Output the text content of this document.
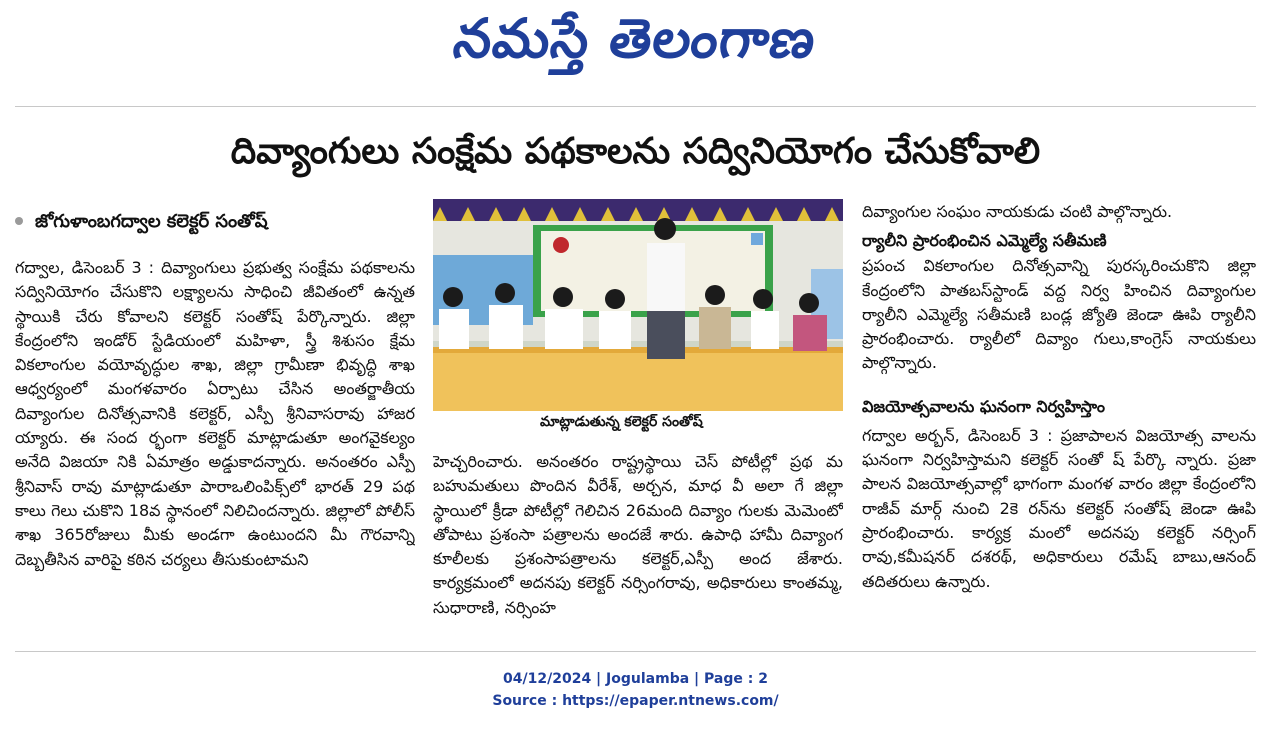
నమస్తే తెలంగాణ
దివ్యాంగులు సంక్షేమ పథకాలను సద్వినియోగం చేసుకోవాలి
జోగుళాంబగద్వాల కలెక్టర్ సంతోష్

గద్వాల, డిసెంబర్ 3 : దివ్యాంగులు ప్రభుత్వ సంక్షేమ పథకాలను సద్వినియోగం చేసుకొని లక్ష్యాలను సాధించి జీవితంలో ఉన్నత స్థాయికి చేరు కోవాలని కలెక్టర్ సంతోష్ పేర్కొన్నారు. జిల్లా కేంద్రంలోని ఇండోర్ స్టేడియంలో మహిళా, స్త్రీ శిశుసం క్షేమ వికలాంగుల వయోవృద్ధుల శాఖ, జిల్లా గ్రామీణా భివృద్ధి శాఖ ఆధ్వర్యంలో మంగళవారం ఏర్పాటు చేసిన అంతర్జాతీయ దివ్యాంగుల దినోత్సవానికి కలెక్టర్, ఎస్పీ శ్రీనివాసరావు హాజర య్యారు. ఈ సంద ర్భంగా కలెక్టర్ మాట్లాడుతూ అంగవైకల్యం అనేది విజయా నికి ఏమాత్రం అడ్డుకాదన్నారు. అనంతరం ఎస్పీ శ్రీనివాస్ రావు మాట్లాడుతూ పారాఒలింపిక్స్‌లో భారత్ 29 పథ కాలు గెలు చుకొని 18వ స్థానంలో నిలిచిందన్నారు. జిల్లాలో పోలీస్ శాఖ 365రోజులు మీకు అండగా ఉంటుందని మీ గౌరవాన్ని దెబ్బతీసిన వారిపై కఠిన చర్యలు తీసుకుంటామని

మాట్లాడుతున్న కలెక్టర్ సంతోష్

హెచ్చరించారు. అనంతరం రాష్ట్రస్థాయి చెస్ పోటీల్లో ప్రథ మ బహుమతులు పొందిన వీరేశ్, అర్చన, మాధ వీ అలా గే జిల్లా స్థాయిలో క్రీడా పోటీల్లో గెలిచిన 26మంది దివ్యాం గులకు మెమెంటో తోపాటు ప్రశంసా పత్రాలను అందజే శారు. ఉపాధి హామీ దివ్యాంగ కూలీలకు ప్రశంసాపత్రాలను కలెక్టర్,ఎస్పీ అంద జేశారు. కార్యక్రమంలో అదనపు కలెక్టర్ నర్సింగరావు, అధికారులు కాంతమ్మ, సుధారాణి, నర్సింహ

దివ్యాంగుల సంఘం నాయకుడు చంటి పాల్గొన్నారు.

ర్యాలీని ప్రారంభించిన ఎమ్మెల్యే సతీమణి

ప్రపంచ వికలాంగుల దినోత్సవాన్ని పురస్కరించుకొని జిల్లా కేంద్రంలోని పాతబస్‌స్టాండ్ వద్ద నిర్వ హించిన దివ్యాంగుల ర్యాలీని ఎమ్మెల్యే సతీమణి బండ్ల జ్యోతి జెండా ఊపి ర్యాలీని ప్రారంభించారు. ర్యాలీలో దివ్యాం గులు,కాంగ్రెస్ నాయకులు పాల్గొన్నారు.

విజయోత్సవాలను ఘనంగా నిర్వహిస్తాం

గద్వాల అర్బన్, డిసెంబర్ 3 : ప్రజాపాలన విజయోత్స వాలను ఘనంగా నిర్వహిస్తామని కలెక్టర్ సంతో ష్ పేర్కొ న్నారు. ప్రజా పాలన విజయోత్సవాల్లో భాగంగా మంగళ వారం జిల్లా కేంద్రంలోని రాజీవ్ మార్గ్ నుంచి 2కె రన్‌ను కలెక్టర్ సంతోష్ జెండా ఊపి ప్రారంభించారు. కార్యక్ర మంలో అదనపు కలెక్టర్ నర్సింగ్ రావు,కమీషనర్ దశరథ్, అధికారులు రమేష్ బాబు,ఆనంద్ తదితరులు ఉన్నారు.

04/12/2024 | Jogulamba | Page : 2
Source : https://epaper.ntnews.com/
